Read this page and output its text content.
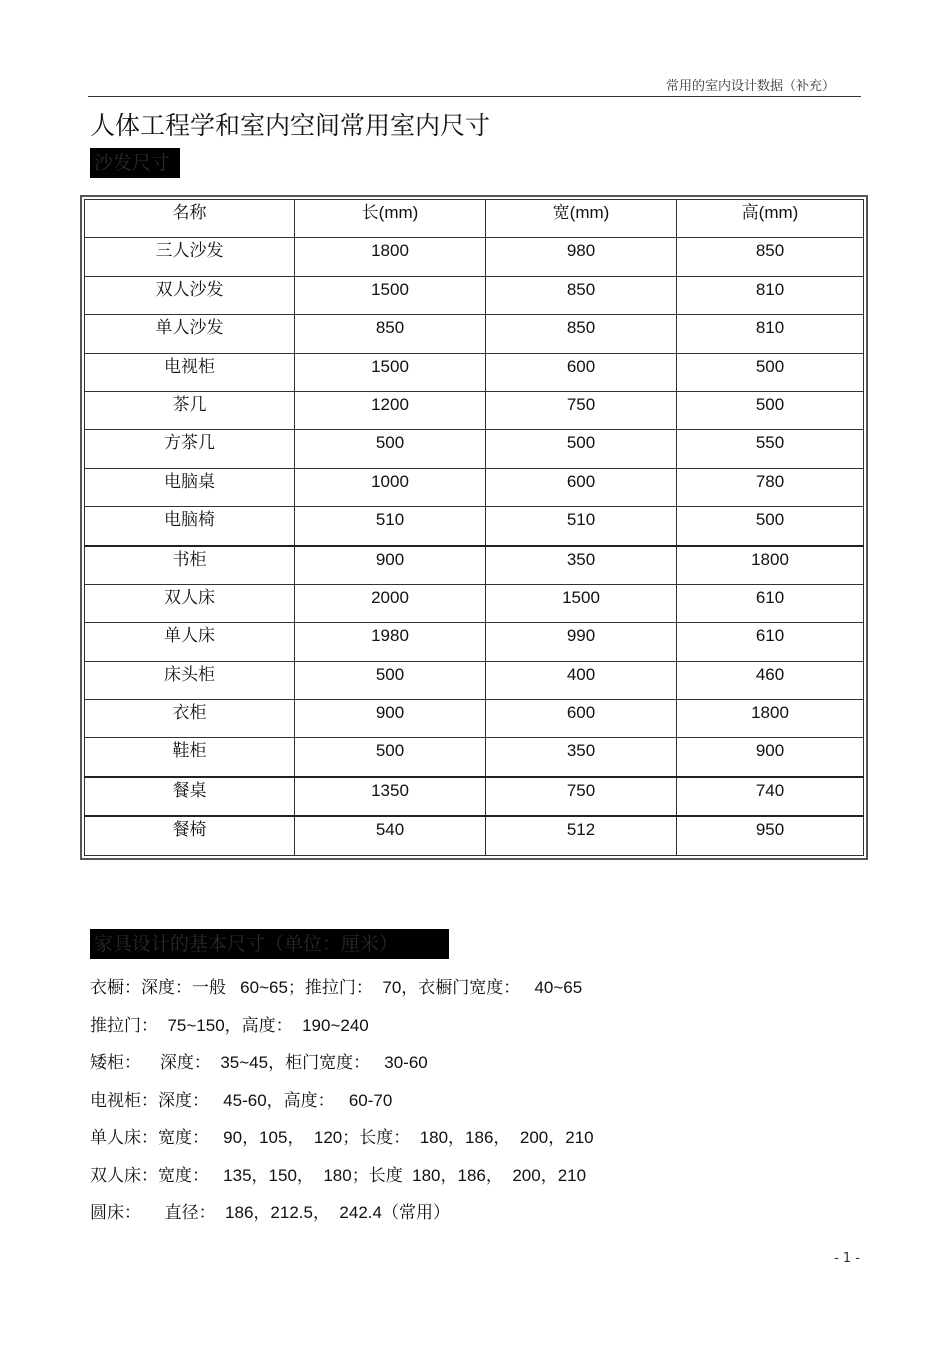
常用的室内设计数据（补充）
人体工程学和室内空间常用室内尺寸
沙发尺寸
名称	长(mm)	宽(mm)	高(mm)
三人沙发	1800	980	850
双人沙发	1500	850	810
单人沙发	850	850	810
电视柜	1500	600	500
茶几	1200	750	500
方茶几	500	500	550
电脑桌	1000	600	780
电脑椅	510	510	500
书柜	900	350	1800
双人床	2000	1500	610
单人床	1980	990	610
床头柜	500	400	460
衣柜	900	600	1800
鞋柜	500	350	900
餐桌	1350	750	740
餐椅	540	512	950
家具设计的基本尺寸（单位：厘米）
衣橱：深度：一般   60~65；推拉门：  70，衣橱门宽度：   40~65
推拉门：  75~150，高度：  190~240
矮柜：    深度：  35~45，柜门宽度：   30-60
电视柜：深度：   45-60，高度：   60-70
单人床：宽度：   90，105，  120；长度：  180，186，  200，210
双人床：宽度：   135，150，  180；长度  180，186，  200，210
圆床：     直径：  186，212.5，  242.4（常用）
- 1 -
